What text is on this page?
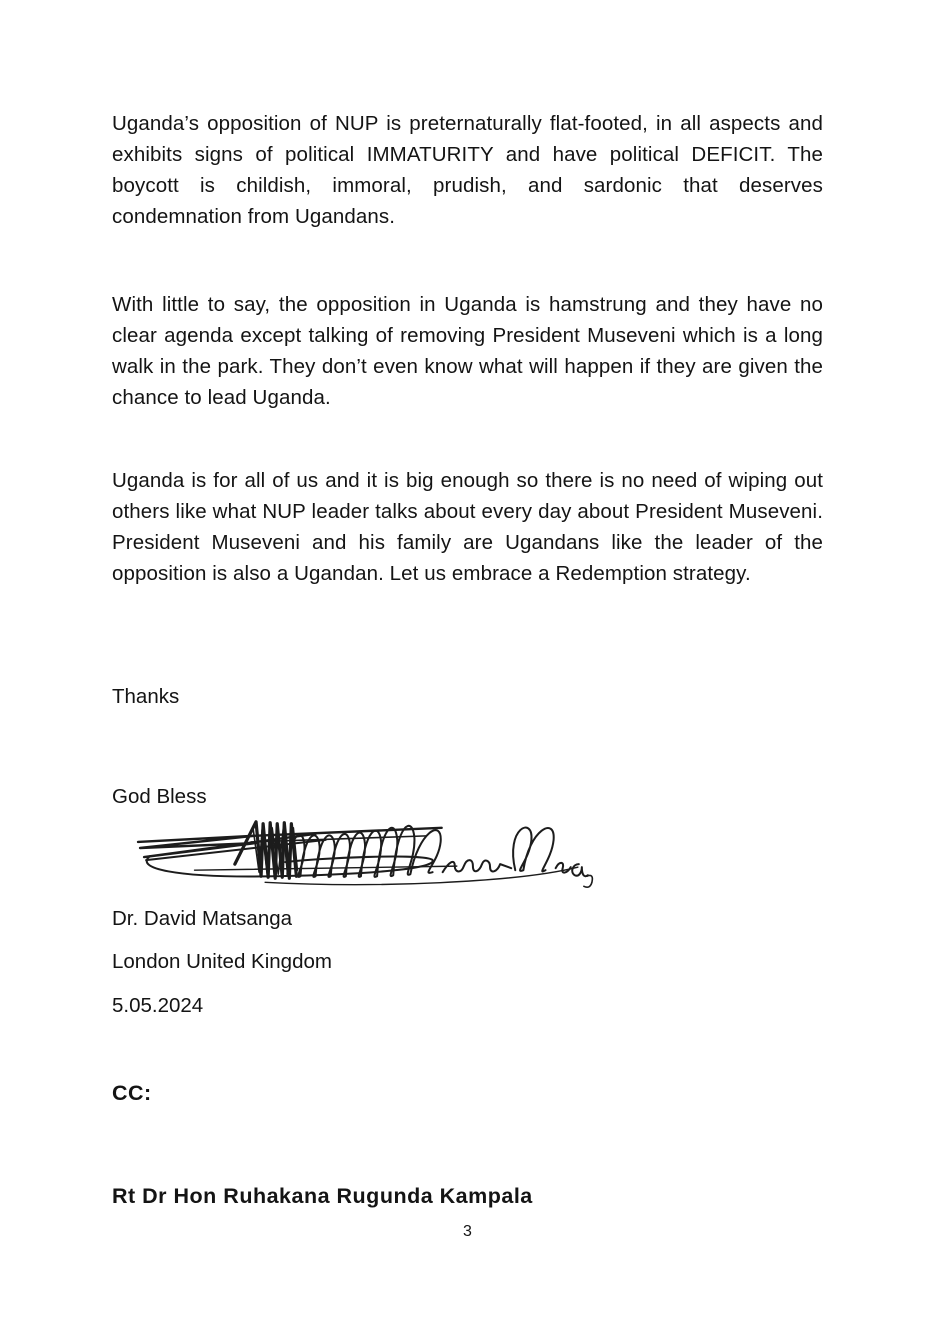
Uganda’s opposition of NUP is preternaturally flat-footed, in all aspects and exhibits signs of political IMMATURITY and have political DEFICIT. The boycott is childish, immoral, prudish, and sardonic that deserves condemnation from Ugandans.
With little to say, the opposition in Uganda is hamstrung and they have no clear agenda except talking of removing President Museveni which is a long walk in the park. They don’t even know what will happen if they are given the chance to lead Uganda.
Uganda is for all of us and it is big enough so there is no need of wiping out others like what NUP leader talks about every day about President Museveni. President Museveni and his family are Ugandans like the leader of the opposition is also a Ugandan. Let us embrace a Redemption strategy.
Thanks
God Bless
Dr. David Matsanga
London United Kingdom
5.05.2024
CC:
Rt Dr Hon Ruhakana Rugunda Kampala
3
